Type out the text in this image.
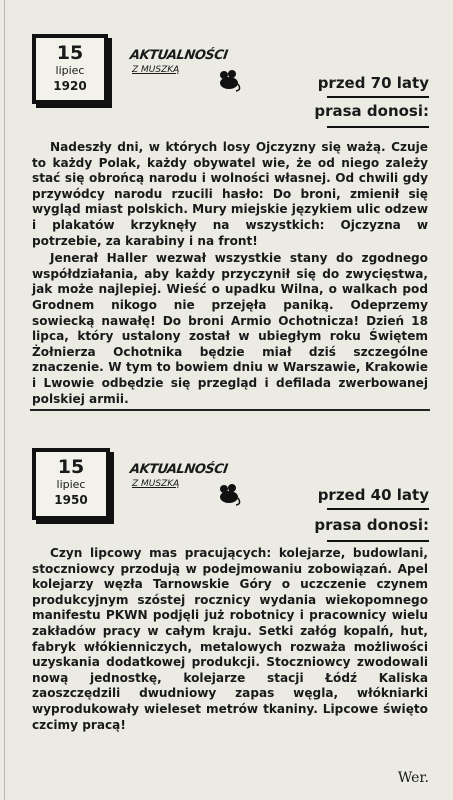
15
lipiec
1920
AKTUALNOŚCI
Z MUSZKĄ
przed 70 laty
prasa donosi:

Nadeszły dni, w których losy Ojczyzny się ważą. Czuje to każdy Polak, każdy obywatel wie, że od niego zależy stać się obrońcą narodu i wolności własnej. Od chwili gdy przywódcy narodu rzucili hasło: Do broni, zmienił się wygląd miast polskich. Mury miejskie językiem ulic odzew i plakatów krzyknęły na wszystkich: Ojczyzna w potrzebie, za karabiny i na front!

Jenerał Haller wezwał wszystkie stany do zgodnego współdziałania, aby każdy przyczynił się do zwycięstwa, jak może najlepiej. Wieść o upadku Wilna, o walkach pod Grodnem nikogo nie przejęła paniką. Odeprzemy sowiecką nawałę! Do broni Armio Ochotnicza! Dzień 18 lipca, który ustalony został w ubiegłym roku Świętem Żołnierza Ochotnika będzie miał dziś szczególne znaczenie. W tym to bowiem dniu w Warszawie, Krakowie i Lwowie odbędzie się przegląd i defilada zwerbowanej polskiej armii.

15
lipiec
1950
AKTUALNOŚCI
Z MUSZKĄ
przed 40 laty
prasa donosi:

Czyn lipcowy mas pracujących: kolejarze, budowlani, stoczniowcy przodują w podejmowaniu zobowiązań. Apel kolejarzy węzła Tarnowskie Góry o uczczenie czynem produkcyjnym szóstej rocznicy wydania wiekopomnego manifestu PKWN podjęli już robotnicy i pracownicy wielu zakładów pracy w całym kraju. Setki załóg kopalń, hut, fabryk włókienniczych, metalowych rozważa możliwości uzyskania dodatkowej produkcji. Stoczniowcy zwodowali nową jednostkę, kolejarze stacji Łódź Kaliska zaoszczędzili dwudniowy zapas węgla, włókniarki wyprodukowały wieleset metrów tkaniny. Lipcowe święto czcimy pracą!

Wer.
